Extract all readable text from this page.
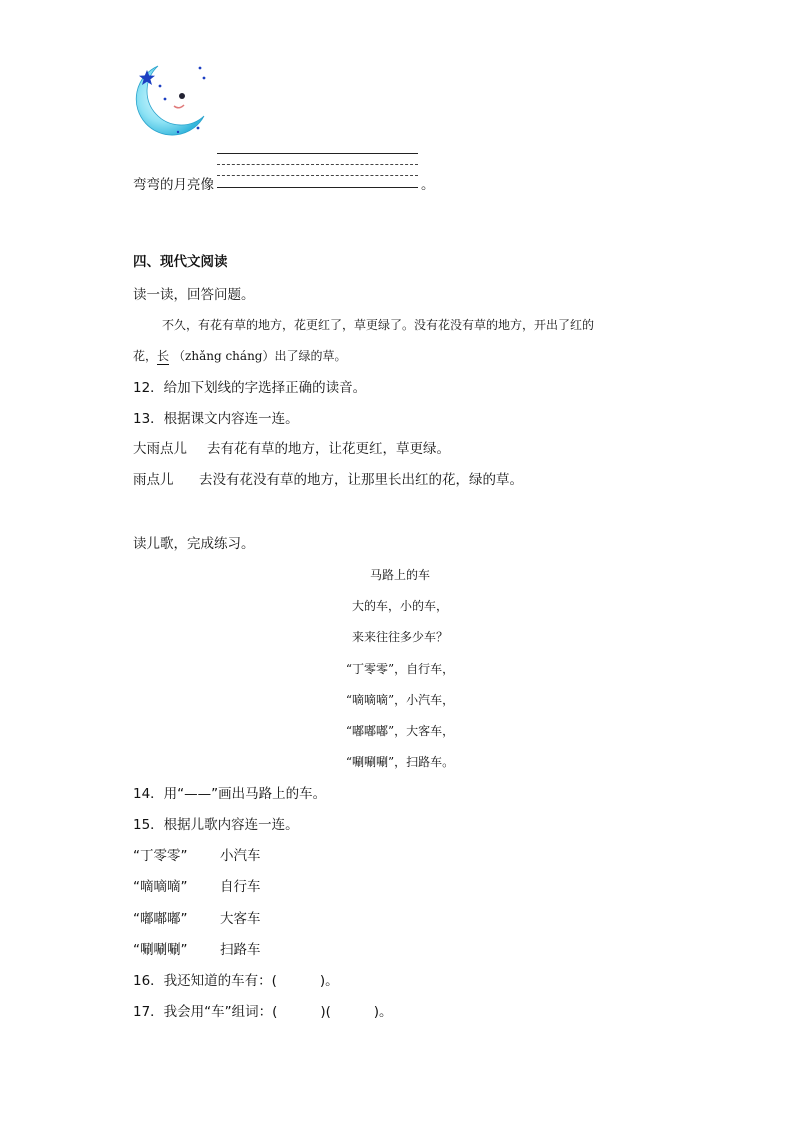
弯弯的月亮像	。
四、现代文阅读
读一读，回答问题。
不久，有花有草的地方，花更红了，草更绿了。没有花没有草的地方，开出了红的
花，长 （zhǎng cháng）出了绿的草。
12．给加下划线的字选择正确的读音。
13．根据课文内容连一连。
大雨点儿 去有花有草的地方，让花更红，草更绿。
雨点儿 去没有花没有草的地方，让那里长出红的花，绿的草。
读儿歌，完成练习。
马路上的车
大的车，小的车，
来来往往多少车？
“丁零零”，自行车，
“嘀嘀嘀”，小汽车，
“嘟嘟嘟”，大客车，
“唰唰唰”，扫路车。
14．用“——”画出马路上的车。
15．根据儿歌内容连一连。
“丁零零” 小汽车
“嘀嘀嘀” 自行车
“嘟嘟嘟” 大客车
“唰唰唰” 扫路车
16．我还知道的车有：(          )。
17．我会用“车”组词：(          )(          )。
